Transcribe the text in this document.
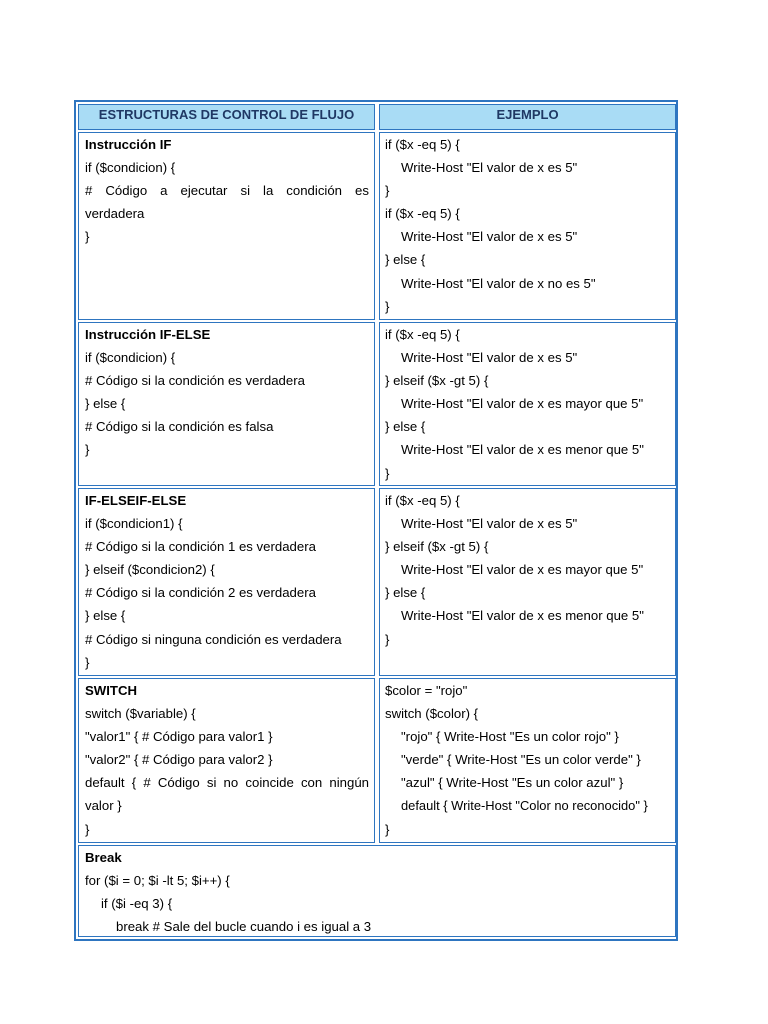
ESTRUCTURAS DE CONTROL DE FLUJO	EJEMPLO
Instrucción IF
if ($condicion) {
# Código a ejecutar si la condición es
verdadera
}
if ($x -eq 5) {
Write-Host "El valor de x es 5"
}
if ($x -eq 5) {
Write-Host "El valor de x es 5"
} else {
Write-Host "El valor de x no es 5"
}
Instrucción IF-ELSE
if ($condicion) {
# Código si la condición es verdadera
} else {
# Código si la condición es falsa
}
if ($x -eq 5) {
Write-Host "El valor de x es 5"
} elseif ($x -gt 5) {
Write-Host "El valor de x es mayor que 5"
} else {
Write-Host "El valor de x es menor que 5"
}
IF-ELSEIF-ELSE
if ($condicion1) {
# Código si la condición 1 es verdadera
} elseif ($condicion2) {
# Código si la condición 2 es verdadera
} else {
# Código si ninguna condición es verdadera
}
if ($x -eq 5) {
Write-Host "El valor de x es 5"
} elseif ($x -gt 5) {
Write-Host "El valor de x es mayor que 5"
} else {
Write-Host "El valor de x es menor que 5"
}
SWITCH
switch ($variable) {
"valor1" { # Código para valor1 }
"valor2" { # Código para valor2 }
default { # Código si no coincide con ningún
valor }
}
$color = "rojo"
switch ($color) {
"rojo" { Write-Host "Es un color rojo" }
"verde" { Write-Host "Es un color verde" }
"azul" { Write-Host "Es un color azul" }
default { Write-Host "Color no reconocido" }
}
Break
for ($i = 0; $i -lt 5; $i++) {
if ($i -eq 3) {
break # Sale del bucle cuando i es igual a 3
